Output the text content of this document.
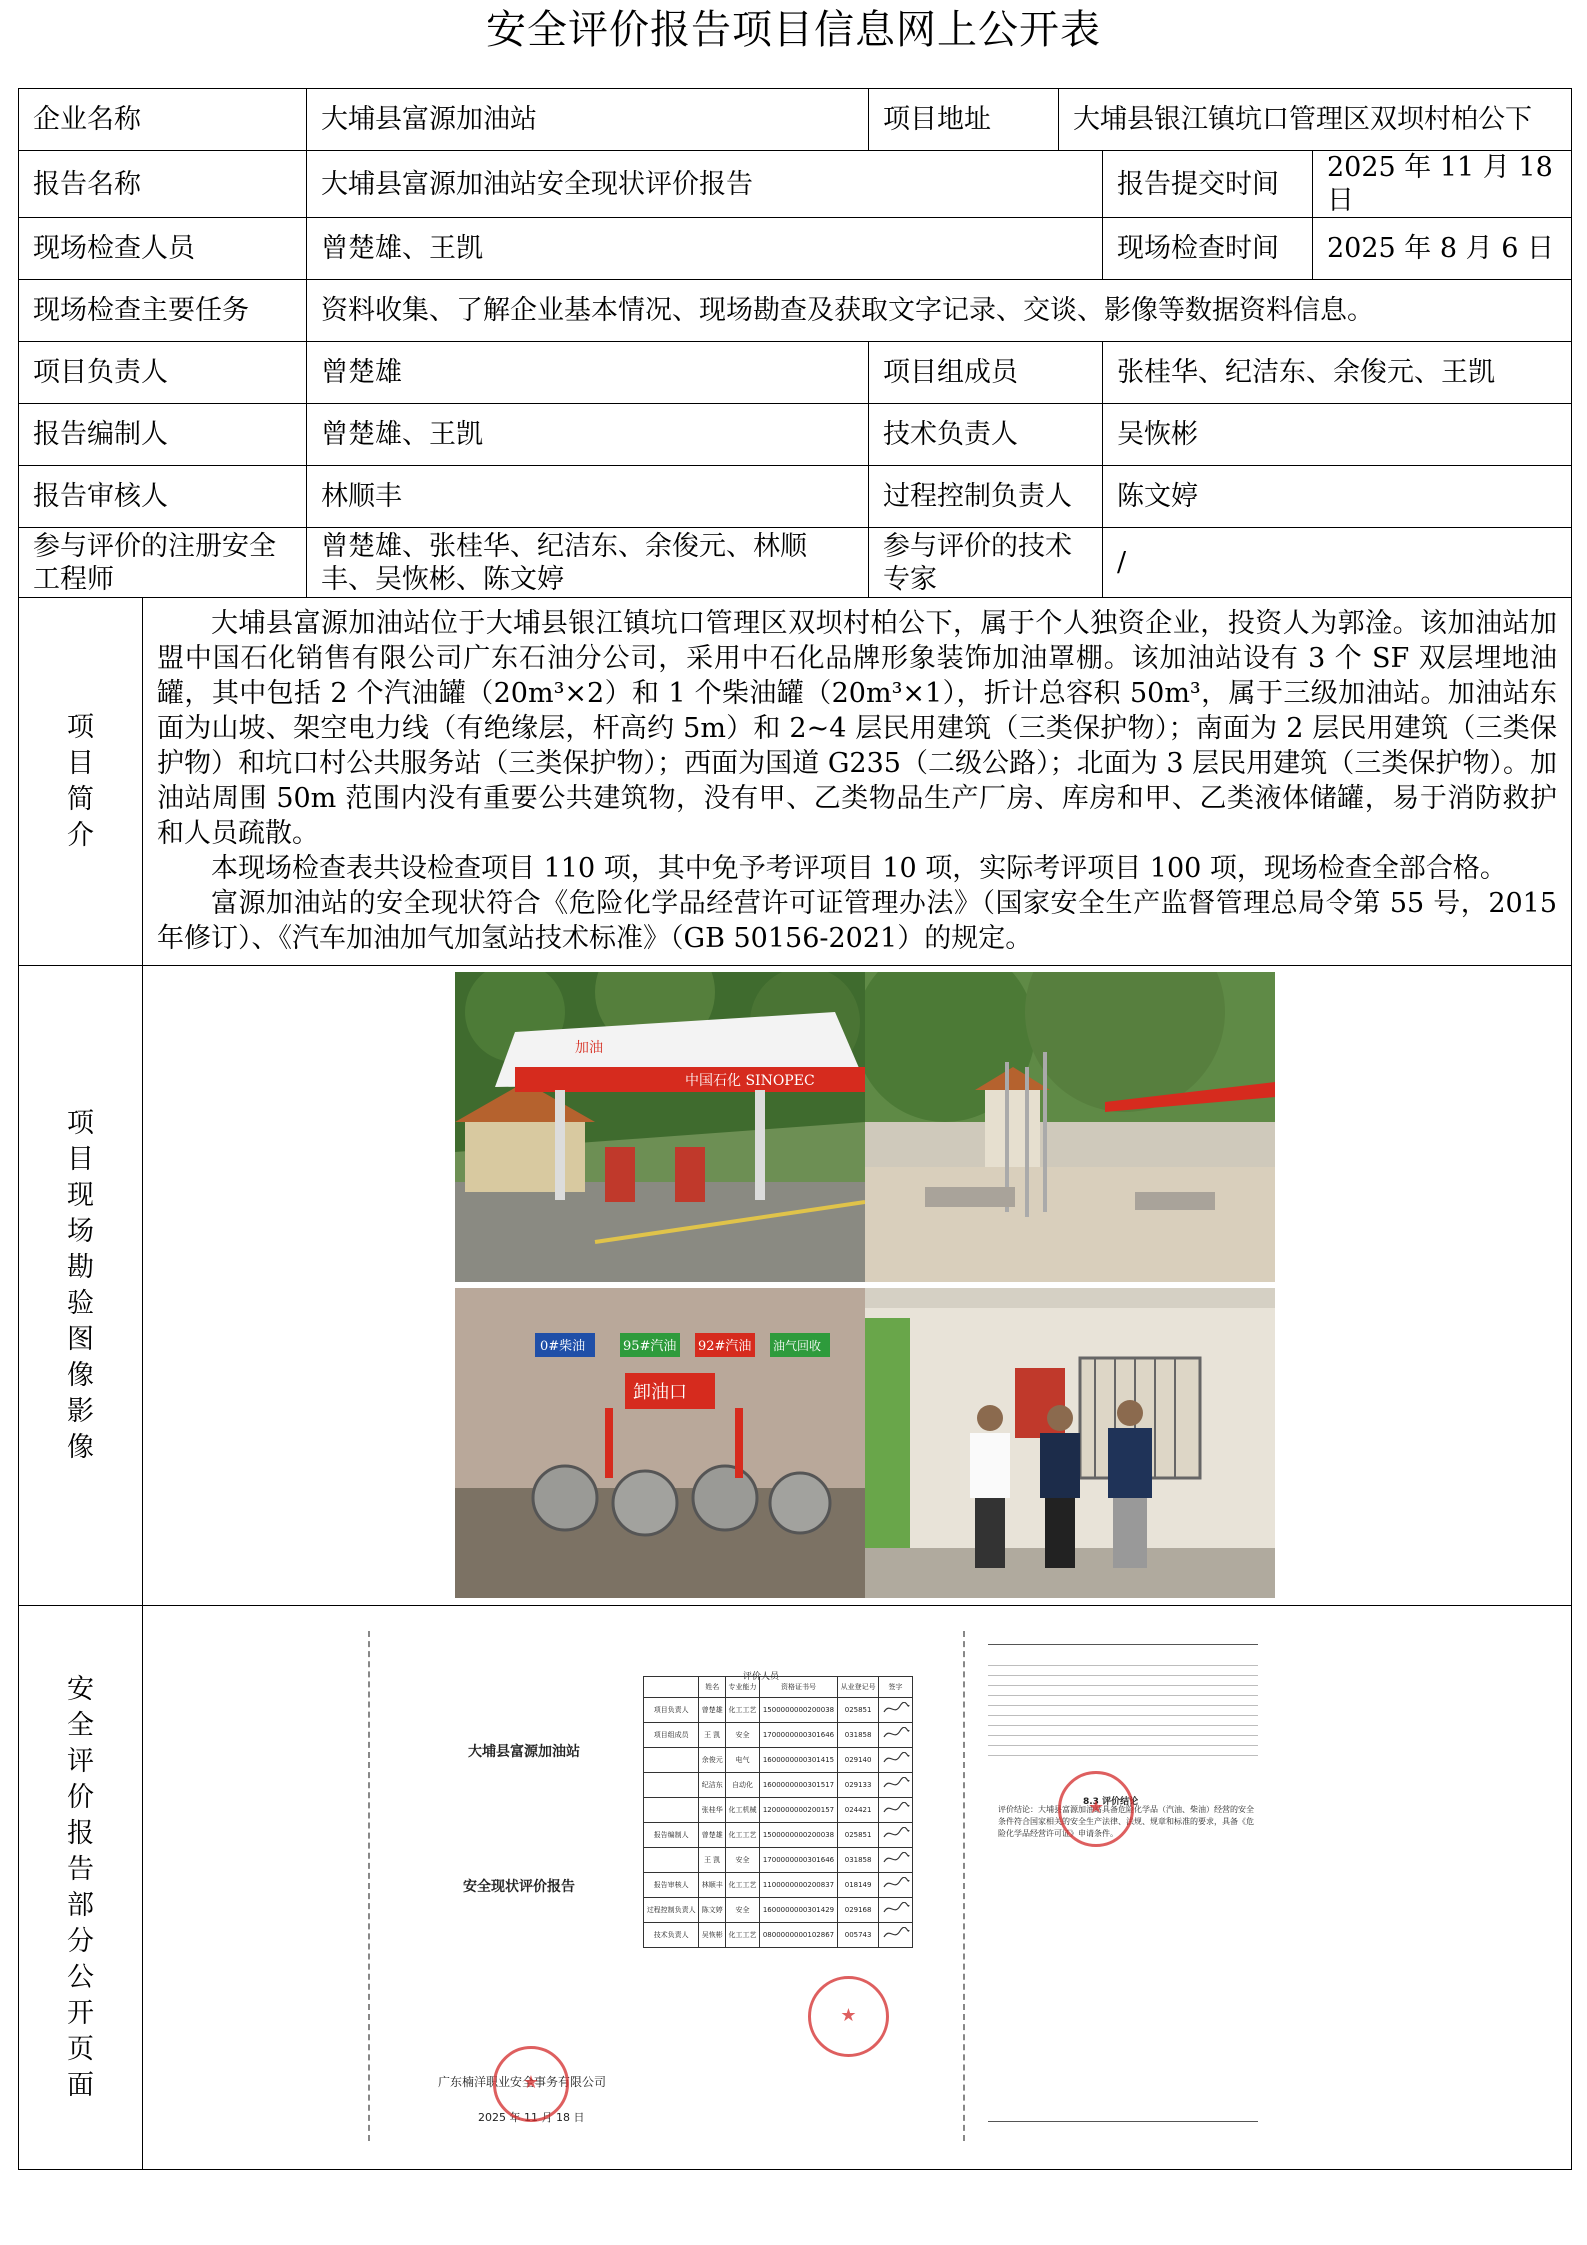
安全评价报告项目信息网上公开表
企业名称	大埔县富源加油站	项目地址	大埔县银江镇坑口管理区双坝村柏公下
报告名称	大埔县富源加油站安全现状评价报告	报告提交时间	2025 年 11 月 18 日
现场检查人员	曾楚雄、王凯	现场检查时间	2025 年 8 月 6 日
现场检查主要任务	资料收集、了解企业基本情况、现场勘查及获取文字记录、交谈、影像等数据资料信息。
项目负责人	曾楚雄	项目组成员	张桂华、纪洁东、余俊元、王凯
报告编制人	曾楚雄、王凯	技术负责人	吴恢彬
报告审核人	林顺丰	过程控制负责人	陈文婷
参与评价的注册安全工程师	曾楚雄、张桂华、纪洁东、余俊元、林顺丰、吴恢彬、陈文婷	参与评价的技术专家	/
项目简介	

大埔县富源加油站位于大埔县银江镇坑口管理区双坝村柏公下，属于个人独资企业，投资人为郭淦。该加油站加盟中国石化销售有限公司广东石油分公司，采用中石化品牌形象装饰加油罩棚。该加油站设有 3 个 SF 双层埋地油罐，其中包括 2 个汽油罐（20m³×2）和 1 个柴油罐（20m³×1），折计总容积 50m³，属于三级加油站。加油站东面为山坡、架空电力线（有绝缘层，杆高约 5m）和 2~4 层民用建筑（三类保护物）；南面为 2 层民用建筑（三类保护物）和坑口村公共服务站（三类保护物）；西面为国道 G235（二级公路）；北面为 3 层民用建筑（三类保护物）。加油站周围 50m 范围内没有重要公共建筑物，没有甲、乙类物品生产厂房、库房和甲、乙类液体储罐，易于消防救护和人员疏散。

本现场检查表共设检查项目 110 项，其中免予考评项目 10 项，实际考评项目 100 项，现场检查全部合格。

富源加油站的安全现状符合《危险化学品经营许可证管理办法》（国家安全生产监督管理总局令第 55 号，2015 年修订）、《汽车加油加气加氢站技术标准》（GB 50156-2021）的规定。

项目现场勘验图像影像	
中国石化 SINOPEC
加油
0#柴油	95#汽油 92#汽油 油气回收
卸油口

安全评价报告部分公开页面	
大埔县富源加油站
安全现状评价报告
广东楠洋职业安全事务有限公司
2025 年 11 月 18 日
★
评价人员
	姓名	专业能力	资格证书号	从业登记号	签字
项目负责人	曾楚雄	化工工艺	1500000000200038	025851	
项目组成员	王 凯	安全	1700000000301646	031858	
	余俊元	电气	1600000000301415	029140	
	纪洁东	自动化	1600000000301517	029133	
	张桂华	化工机械	1200000000200157	024421	
报告编制人	曾楚雄	化工工艺	1500000000200038	025851	
	王 凯	安全	1700000000301646	031858	
报告审核人	林顺丰	化工工艺	1100000000200837	018149	
过程控制负责人	陈文婷	安全	1600000000301429	029168	
技术负责人	吴恢彬	化工工艺	0800000000102867	005743	
★
8.3 评价结论
评价结论：大埔县富源加油站具备危险化学品（汽油、柴油）经营的安全条件符合国家相关的安全生产法律、法规、规章和标准的要求，具备《危险化学品经营许可证》申请条件。
★
